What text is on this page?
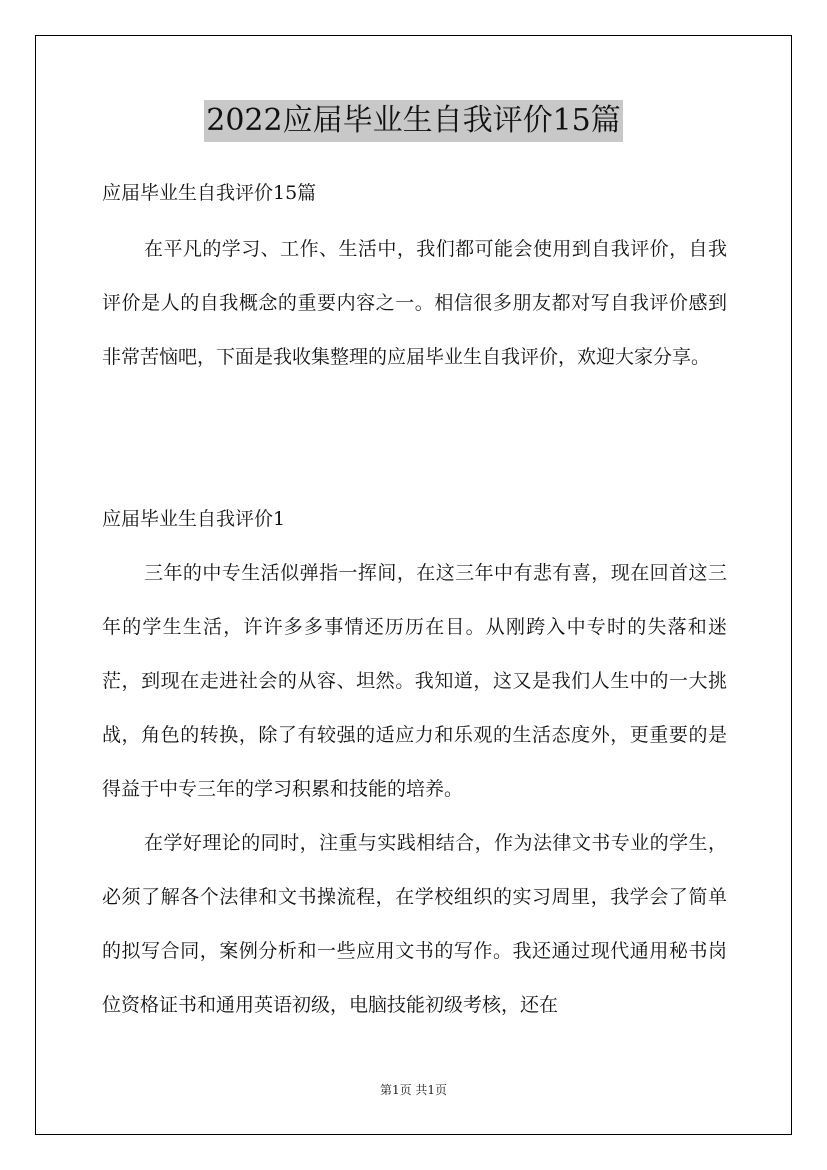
2022应届毕业生自我评价15篇
应届毕业生自我评价15篇

在平凡的学习、工作、生活中，我们都可能会使用到自我评价，自我评价是人的自我概念的重要内容之一。相信很多朋友都对写自我评价感到非常苦恼吧，下面是我收集整理的应届毕业生自我评价，欢迎大家分享。

应届毕业生自我评价1

三年的中专生活似弹指一挥间，在这三年中有悲有喜，现在回首这三年的学生生活，许许多多事情还历历在目。从刚跨入中专时的失落和迷茫，到现在走进社会的从容、坦然。我知道，这又是我们人生中的一大挑战，角色的转换，除了有较强的适应力和乐观的生活态度外，更重要的是得益于中专三年的学习积累和技能的培养。

在学好理论的同时，注重与实践相结合，作为法律文书专业的学生，必须了解各个法律和文书操流程，在学校组织的实习周里，我学会了简单的拟写合同，案例分析和一些应用文书的写作。我还通过现代通用秘书岗位资格证书和通用英语初级，电脑技能初级考核，还在

第1页 共1页
